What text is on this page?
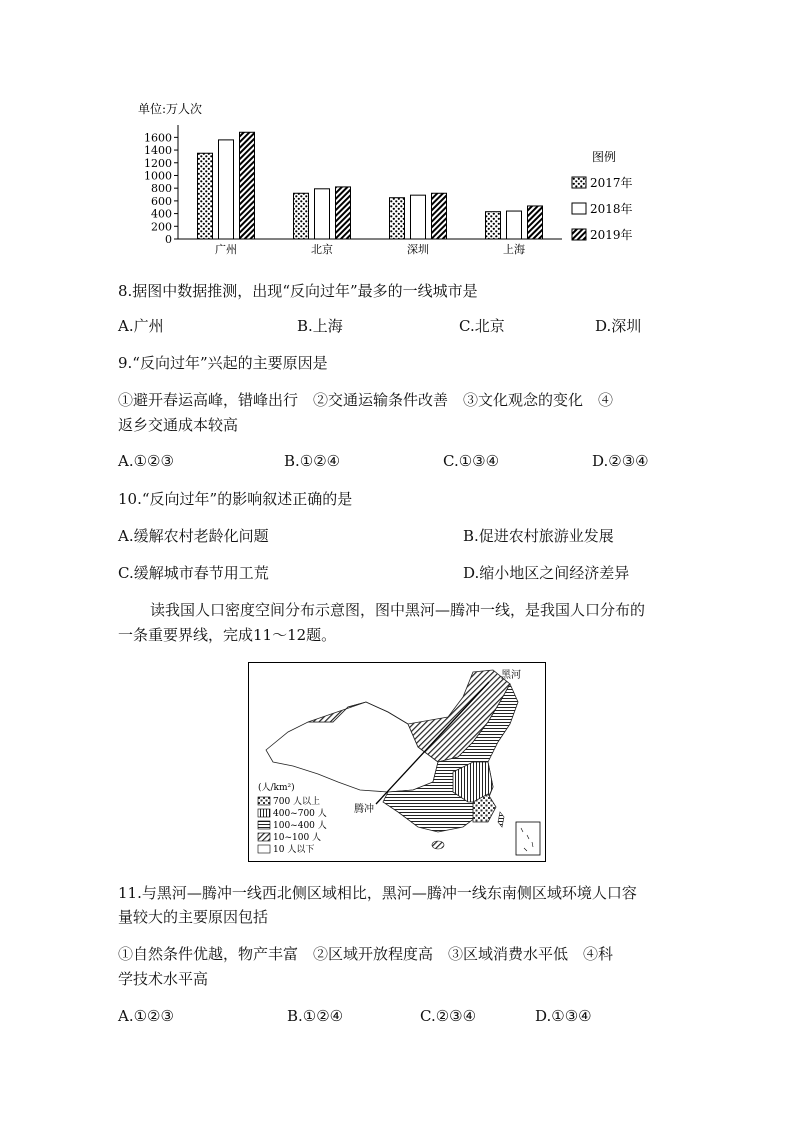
单位:万人次
0
200
400
600
800
1000
1200
1400
1600
广州	北京	深圳	上海
图例
2017年
2018年
2019年
8.据图中数据推测，出现“反向过年”最多的一线城市是
A.广州	B.上海	C.北京	D.深圳
9.“反向过年”兴起的主要原因是
①避开春运高峰，错峰出行　②交通运输条件改善　③文化观念的变化　④
返乡交通成本较高
A.①②③	B.①②④	C.①③④	D.②③④
10.“反向过年”的影响叙述正确的是
A.缓解农村老龄化问题	B.促进农村旅游业发展
C.缓解城市春节用工荒	D.缩小地区之间经济差异
读我国人口密度空间分布示意图，图中黑河—腾冲一线，是我国人口分布的
一条重要界线，完成11～12题。
黑河
腾冲
(人/km²)
700 人以上
400~700 人
100~400 人
10~100 人
10 人以下
11.与黑河—腾冲一线西北侧区域相比，黑河—腾冲一线东南侧区域环境人口容
量较大的主要原因包括
①自然条件优越，物产丰富　②区域开放程度高　③区域消费水平低　④科
学技术水平高
A.①②③	B.①②④	C.②③④	D.①③④
